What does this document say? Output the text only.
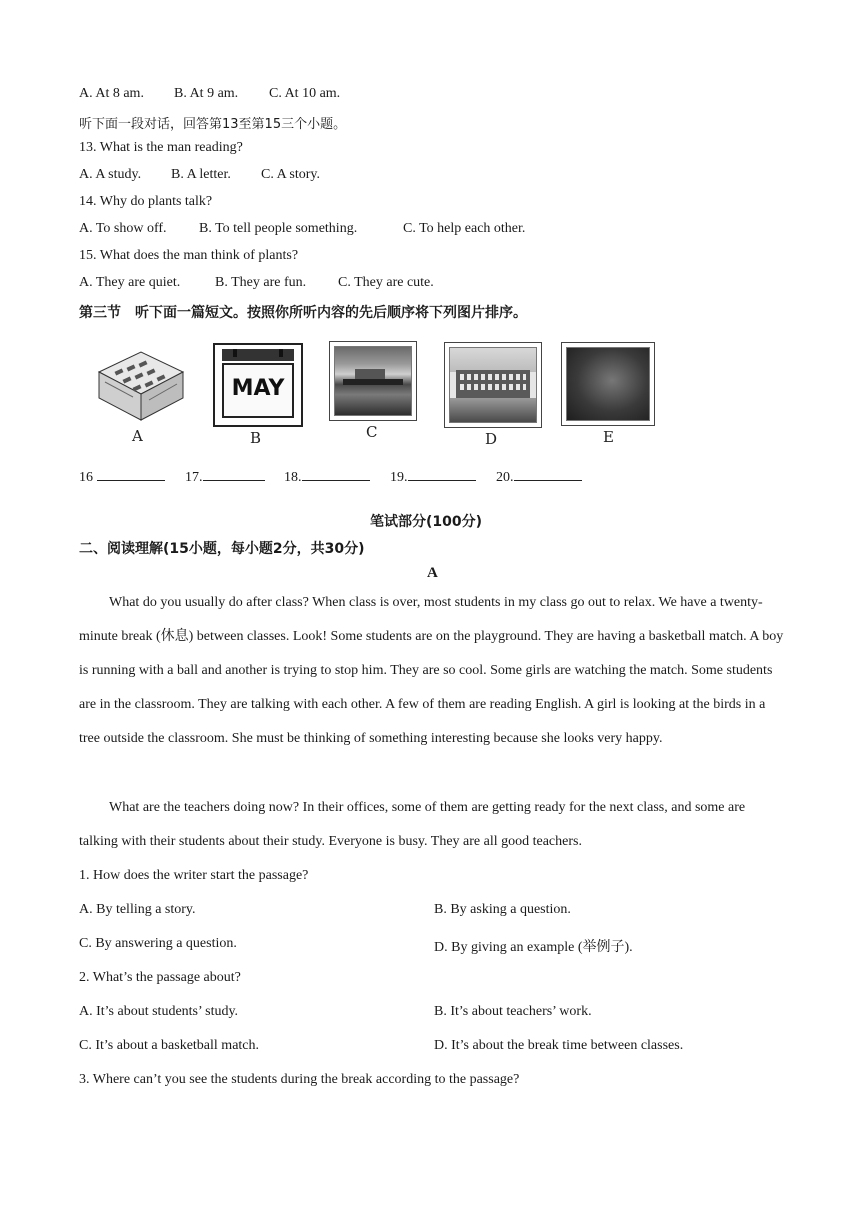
A. At 8 am. B. At 9 am. C. At 10 am.
听下面一段对话，回答第13至第15三个小题。
13. What is the man reading?
A. A study. B. A letter. C. A story.
14. Why do plants talk?
A. To show off. B. To tell people something.	C. To help each other.
15. What does the man think of plants?
A. They are quiet. B. They are fun. C. They are cute.
第三节　听下面一篇短文。按照你所听内容的先后顺序将下列图片排序。
A
MAY
B	C	D	E
16	17.	18.	19.	20.
笔试部分(100分)
二、阅读理解(15小题，每小题2分，共30分)
A
What do you usually do after class? When class is over, most students in my class go out to relax. We have a twenty-minute break (休息) between classes. Look! Some students are on the playground. They are having a basketball match. A boy is running with a ball and another is trying to stop him. They are so cool. Some girls are watching the match. Some students are in the classroom. They are talking with each other. A few of them are reading English. A girl is looking at the birds in a tree outside the classroom. She must be thinking of something interesting because she looks very happy.
What are the teachers doing now? In their offices, some of them are getting ready for the next class, and some are talking with their students about their study. Everyone is busy. They are all good teachers.
1. How does the writer start the passage?
A. By telling a story.	B. By asking a question.
C. By answering a question.	D. By giving an example (举例子).
2. What’s the passage about?
A. It’s about students’ study.	B. It’s about teachers’ work.
C. It’s about a basketball match.	D. It’s about the break time between classes.
3. Where can’t you see the students during the break according to the passage?
